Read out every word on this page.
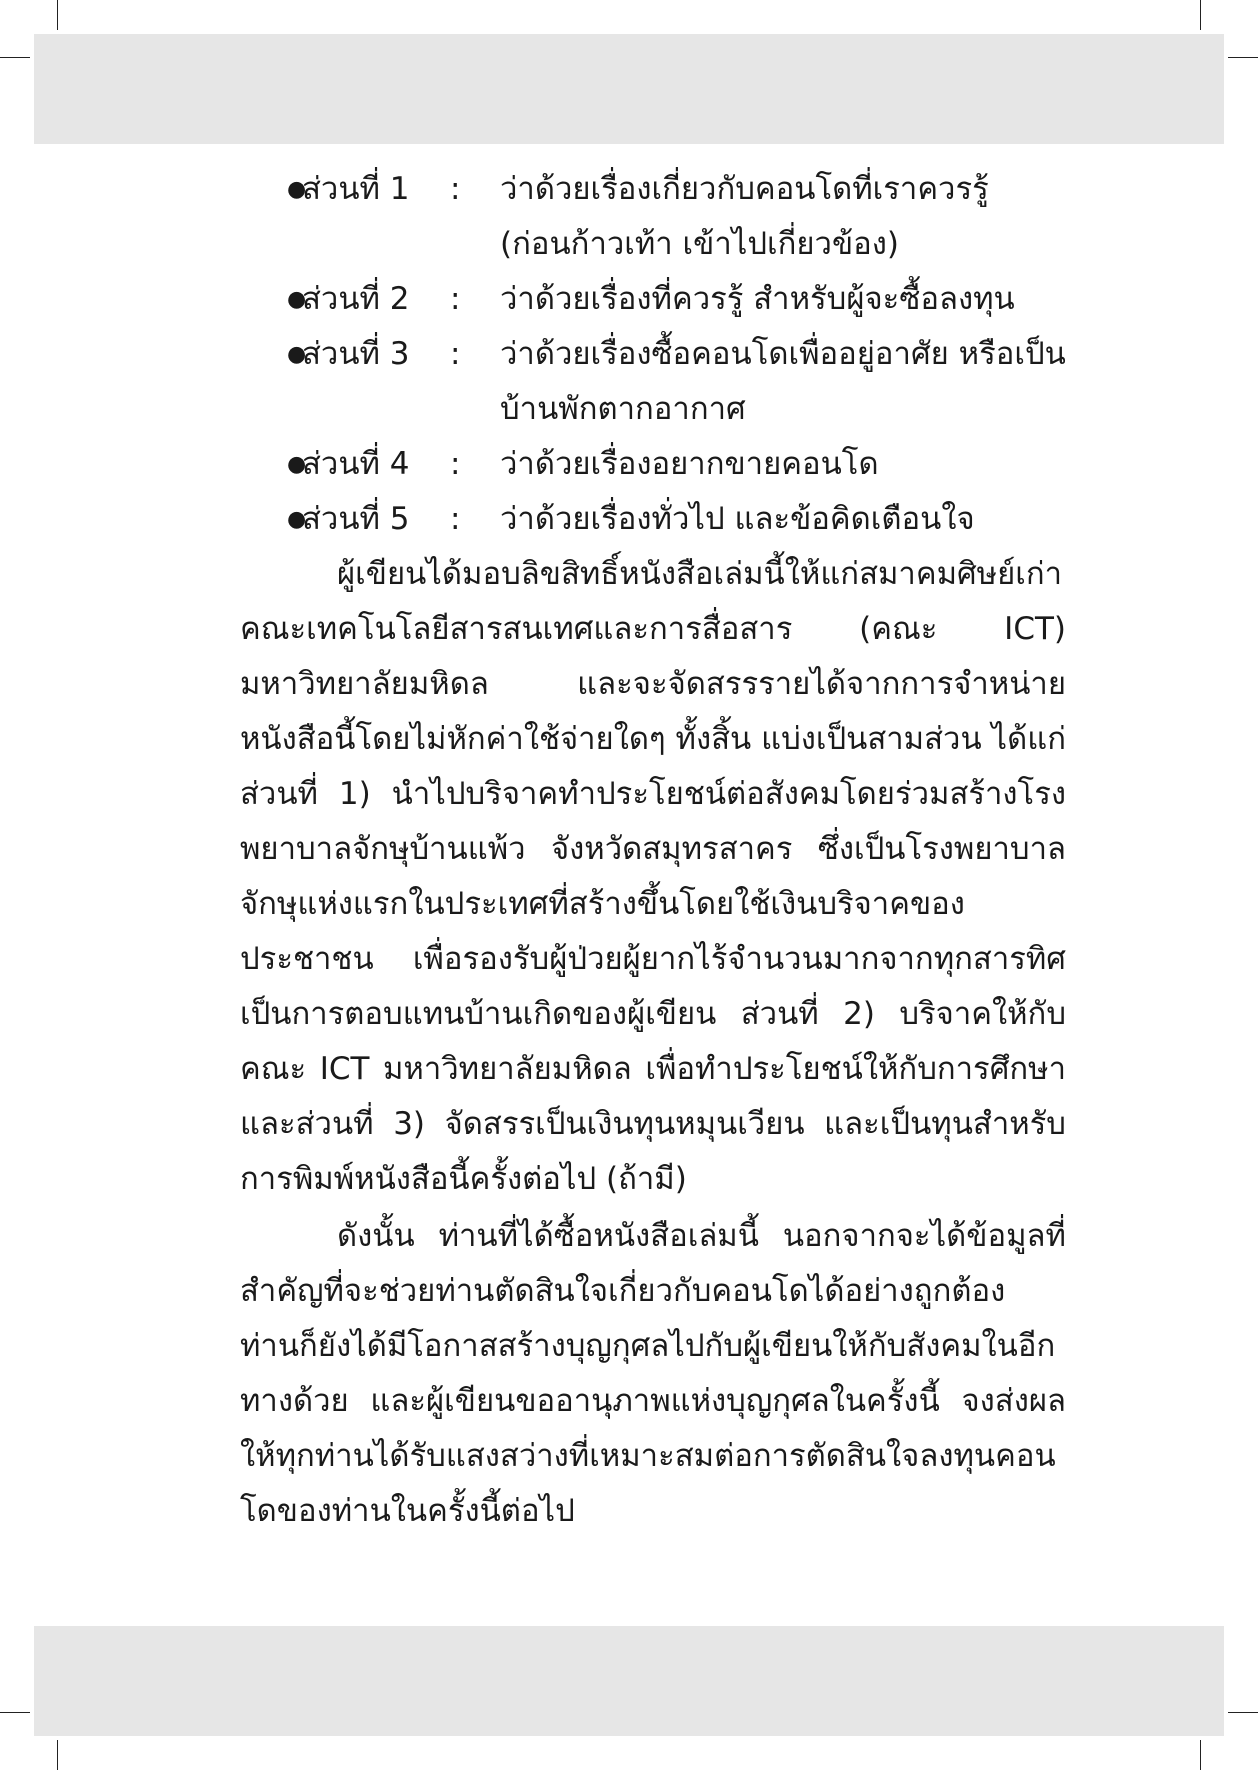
●
ส่วนที่ 1	:	ว่าด้วยเรื่องเกี่ยวกับคอนโดที่เราควรรู้ (ก่อนก้าวเท้า เข้าไปเกี่ยวข้อง)
●
ส่วนที่ 2	:	ว่าด้วยเรื่องที่ควรรู้ สำหรับผู้จะซื้อลงทุน
●
ส่วนที่ 3	:	ว่าด้วยเรื่องซื้อคอนโดเพื่ออยู่อาศัย หรือเป็นบ้านพักตากอากาศ
●
ส่วนที่ 4	:	ว่าด้วยเรื่องอยากขายคอนโด
●
ส่วนที่ 5	:	ว่าด้วยเรื่องทั่วไป และข้อคิดเตือนใจ

ผู้เขียนได้มอบลิขสิทธิ์หนังสือเล่มนี้ให้แก่สมาคมศิษย์เก่าคณะเทคโนโลยีสารสนเทศและการสื่อสาร (คณะ ICT) มหาวิทยาลัยมหิดล และจะจัดสรรรายได้จากการจำหน่ายหนังสือนี้โดยไม่หักค่าใช้จ่ายใดๆ ทั้งสิ้น แบ่งเป็นสามส่วน ได้แก่ ส่วนที่ 1) นำไปบริจาคทำประโยชน์ต่อสังคมโดยร่วมสร้างโรงพยาบาลจักษุบ้านแพ้ว จังหวัดสมุทรสาคร ซึ่งเป็นโรงพยาบาลจักษุแห่งแรกในประเทศที่สร้างขึ้นโดยใช้เงินบริจาคของประชาชน เพื่อรองรับผู้ป่วยผู้ยากไร้จำนวนมากจากทุกสารทิศ เป็นการตอบแทนบ้านเกิดของผู้เขียน ส่วนที่ 2) บริจาคให้กับคณะ ICT มหาวิทยาลัยมหิดล เพื่อทำประโยชน์ให้กับการศึกษา และส่วนที่ 3) จัดสรรเป็นเงินทุนหมุนเวียน และเป็นทุนสำหรับการพิมพ์หนังสือนี้ครั้งต่อไป (ถ้ามี)

ดังนั้น ท่านที่ได้ซื้อหนังสือเล่มนี้ นอกจากจะได้ข้อมูลที่สำคัญที่จะช่วยท่านตัดสินใจเกี่ยวกับคอนโดได้อย่างถูกต้อง ท่านก็ยังได้มีโอกาสสร้างบุญกุศลไปกับผู้เขียนให้กับสังคมในอีกทางด้วย และผู้เขียนขออานุภาพแห่งบุญกุศลในครั้งนี้ จงส่งผลให้ทุกท่านได้รับแสงสว่างที่เหมาะสมต่อการตัดสินใจลงทุนคอนโดของท่านในครั้งนี้ต่อไป
